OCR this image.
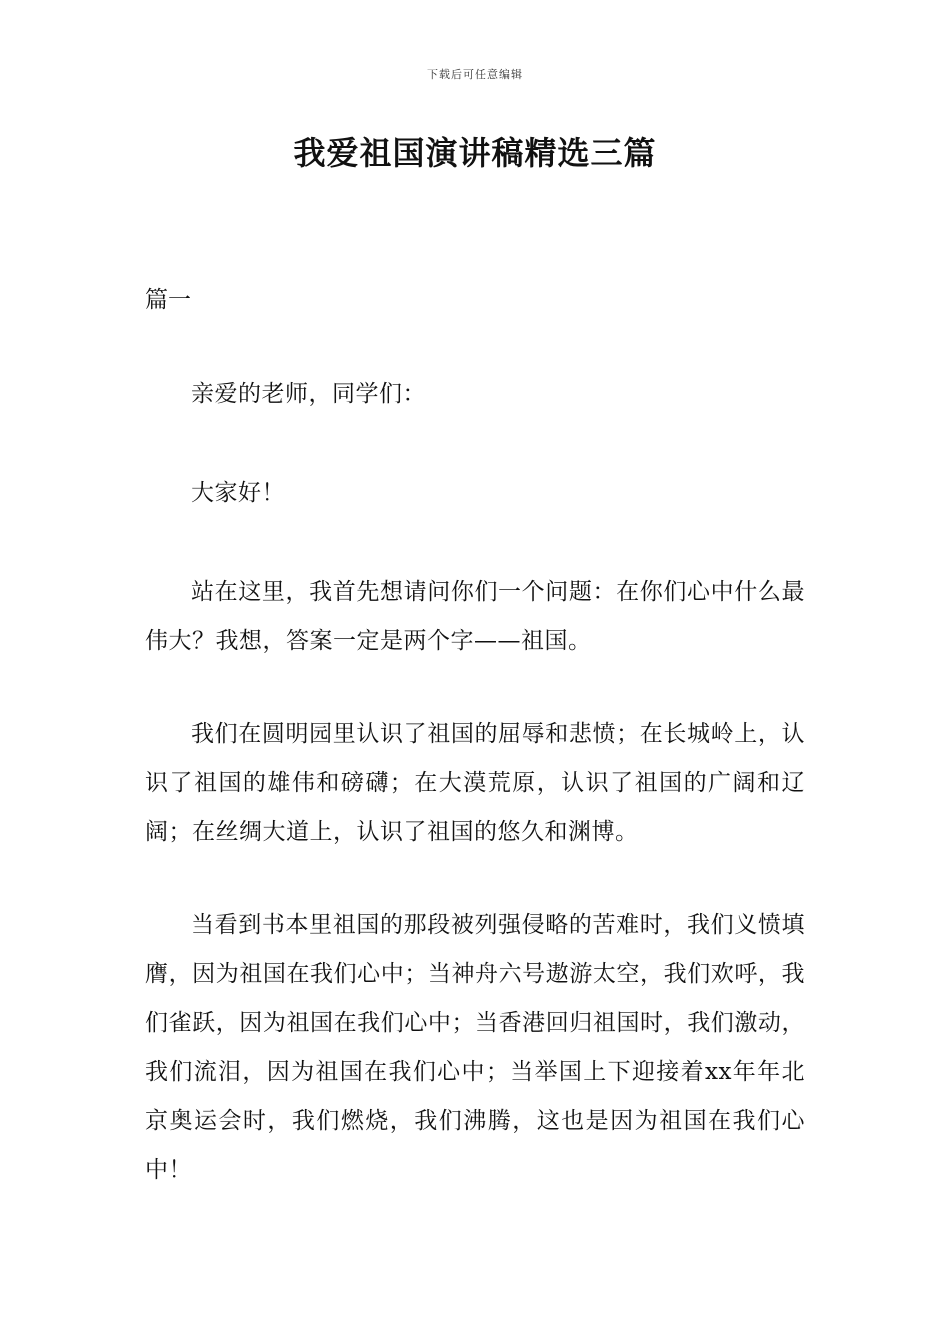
下载后可任意编辑
我爱祖国演讲稿精选三篇

篇一

亲爱的老师，同学们：

大家好！

站在这里，我首先想请问你们一个问题：在你们心中什么最伟大？我想，答案一定是两个字——祖国。

我们在圆明园里认识了祖国的屈辱和悲愤；在长城岭上，认识了祖国的雄伟和磅礴；在大漠荒原，认识了祖国的广阔和辽阔；在丝绸大道上，认识了祖国的悠久和渊博。

当看到书本里祖国的那段被列强侵略的苦难时，我们义愤填膺，因为祖国在我们心中；当神舟六号遨游太空，我们欢呼，我们雀跃，因为祖国在我们心中；当香港回归祖国时，我们激动，我们流泪，因为祖国在我们心中；当举国上下迎接着xx年年北京奥运会时，我们燃烧，我们沸腾，这也是因为祖国在我们心中！
